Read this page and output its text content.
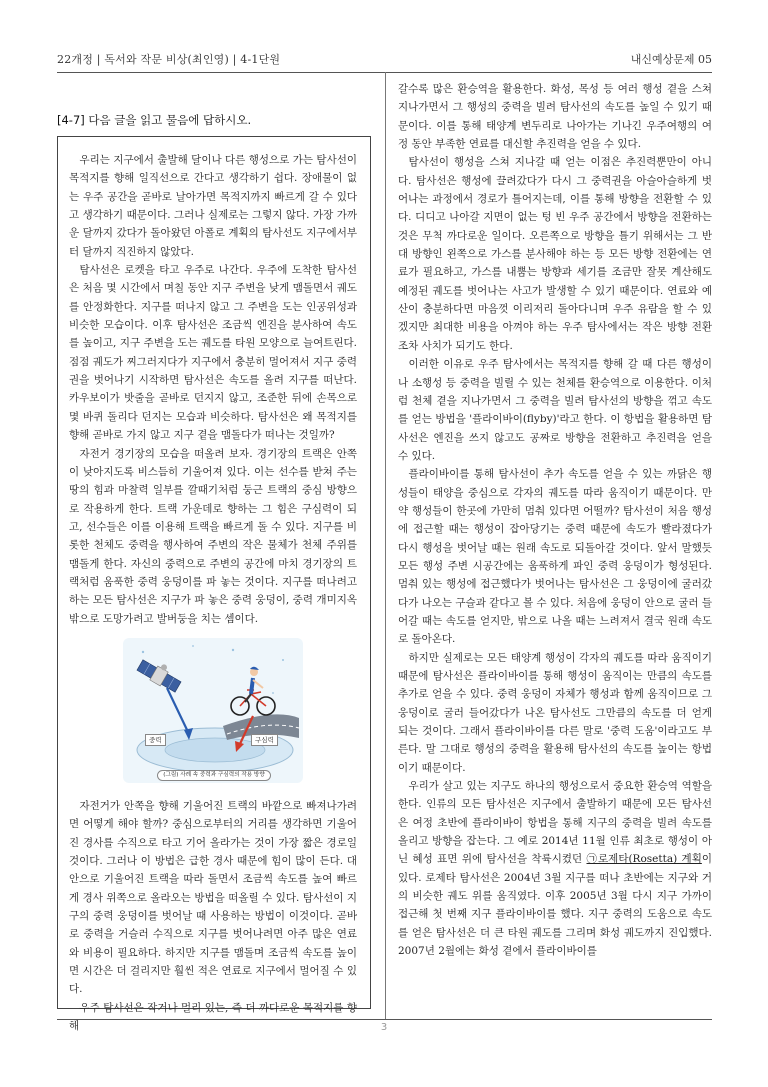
22개정 | 독서와 작문 비상(최인영) | 4-1단원	내신예상문제 05
[4-7] 다음 글을 읽고 물음에 답하시오.

우리는 지구에서 출발해 달이나 다른 행성으로 가는 탐사선이 목적지를 향해 일직선으로 간다고 생각하기 쉽다. 장애물이 없는 우주 공간을 곧바로 날아가면 목적지까지 빠르게 갈 수 있다고 생각하기 때문이다. 그러나 실제로는 그렇지 않다. 가장 가까운 달까지 갔다가 돌아왔던 아폴로 계획의 탐사선도 지구에서부터 달까지 직진하지 않았다.

탐사선은 로켓을 타고 우주로 나간다. 우주에 도착한 탐사선은 처음 몇 시간에서 며칠 동안 지구 주변을 낮게 맴돌면서 궤도를 안정화한다. 지구를 떠나지 않고 그 주변을 도는 인공위성과 비슷한 모습이다. 이후 탐사선은 조금씩 엔진을 분사하여 속도를 높이고, 지구 주변을 도는 궤도를 타원 모양으로 늘여트린다. 점점 궤도가 찌그러지다가 지구에서 충분히 멀어져서 지구 중력권을 벗어나기 시작하면 탐사선은 속도를 올려 지구를 떠난다. 카우보이가 밧줄을 곧바로 던지지 않고, 조준한 뒤에 손목으로 몇 바퀴 돌리다 던지는 모습과 비슷하다. 탐사선은 왜 목적지를 향해 곧바로 가지 않고 지구 곁을 맴돌다가 떠나는 것일까?

자전거 경기장의 모습을 떠올려 보자. 경기장의 트랙은 안쪽이 낮아지도록 비스듬히 기울어져 있다. 이는 선수를 받쳐 주는 땅의 힘과 마찰력 일부를 깔때기처럼 둥근 트랙의 중심 방향으로 작용하게 한다. 트랙 가운데로 향하는 그 힘은 구심력이 되고, 선수들은 이를 이용해 트랙을 빠르게 돌 수 있다. 지구를 비롯한 천체도 중력을 행사하여 주변의 작은 물체가 천체 주위를 맴돌게 한다. 자신의 중력으로 주변의 공간에 마치 경기장의 트랙처럼 움푹한 중력 웅덩이를 파 놓는 것이다. 지구를 떠나려고 하는 모든 탐사선은 지구가 파 놓은 중력 웅덩이, 중력 개미지옥 밖으로 도망가려고 발버둥을 치는 셈이다.

중력	구심력
(그림) 사례 속 중력과 구심력의 작용 방향

자전거가 안쪽을 향해 기울어진 트랙의 바깥으로 빠져나가려면 어떻게 해야 할까? 중심으로부터의 거리를 생각하면 기울어진 경사를 수직으로 타고 기어 올라가는 것이 가장 짧은 경로일 것이다. 그러나 이 방법은 급한 경사 때문에 힘이 많이 든다. 대안으로 기울어진 트랙을 따라 돌면서 조금씩 속도를 높여 빠르게 경사 위쪽으로 올라오는 방법을 떠올릴 수 있다. 탐사선이 지구의 중력 웅덩이를 벗어날 때 사용하는 방법이 이것이다. 곧바로 중력을 거슬러 수직으로 지구를 벗어나려면 아주 많은 연료와 비용이 필요하다. 하지만 지구를 맴돌며 조금씩 속도를 높이면 시간은 더 걸리지만 훨씬 적은 연료로 지구에서 멀어질 수 있다.

우주 탐사선은 작거나 멀리 있는, 즉 더 까다로운 목적지를 향해

갈수록 많은 환승역을 활용한다. 화성, 목성 등 여러 행성 곁을 스쳐 지나가면서 그 행성의 중력을 빌려 탐사선의 속도를 높일 수 있기 때문이다. 이를 통해 태양계 변두리로 나아가는 기나긴 우주여행의 여정 동안 부족한 연료를 대신할 추진력을 얻을 수 있다.

탐사선이 행성을 스쳐 지나갈 때 얻는 이점은 추진력뿐만이 아니다. 탐사선은 행성에 끌려갔다가 다시 그 중력권을 아슬아슬하게 벗어나는 과정에서 경로가 틀어지는데, 이를 통해 방향을 전환할 수 있다. 디디고 나아갈 지면이 없는 텅 빈 우주 공간에서 방향을 전환하는 것은 무척 까다로운 일이다. 오른쪽으로 방향을 틀기 위해서는 그 반대 방향인 왼쪽으로 가스를 분사해야 하는 등 모든 방향 전환에는 연료가 필요하고, 가스를 내뿜는 방향과 세기를 조금만 잘못 계산해도 예정된 궤도를 벗어나는 사고가 발생할 수 있기 때문이다. 연료와 예산이 충분하다면 마음껏 이리저리 돌아다니며 우주 유람을 할 수 있겠지만 최대한 비용을 아껴야 하는 우주 탐사에서는 작은 방향 전환조차 사치가 되기도 한다.

이러한 이유로 우주 탐사에서는 목적지를 향해 갈 때 다른 행성이나 소행성 등 중력을 빌릴 수 있는 천체를 환승역으로 이용한다. 이처럼 천체 곁을 지나가면서 그 중력을 빌려 탐사선의 방향을 꺾고 속도를 얻는 방법을 '플라이바이(flyby)'라고 한다. 이 항법을 활용하면 탐사선은 엔진을 쓰지 않고도 공짜로 방향을 전환하고 추진력을 얻을 수 있다.

플라이바이를 통해 탐사선이 추가 속도를 얻을 수 있는 까닭은 행성들이 태양을 중심으로 각자의 궤도를 따라 움직이기 때문이다. 만약 행성들이 한곳에 가만히 멈춰 있다면 어떨까? 탐사선이 처음 행성에 접근할 때는 행성이 잡아당기는 중력 때문에 속도가 빨라졌다가 다시 행성을 벗어날 때는 원래 속도로 되돌아갈 것이다. 앞서 말했듯 모든 행성 주변 시공간에는 움푹하게 파인 중력 웅덩이가 형성된다. 멈춰 있는 행성에 접근했다가 벗어나는 탐사선은 그 웅덩이에 굴러갔다가 나오는 구슬과 같다고 볼 수 있다. 처음에 웅덩이 안으로 굴러 들어갈 때는 속도를 얻지만, 밖으로 나올 때는 느려져서 결국 원래 속도로 돌아온다.

하지만 실제로는 모든 태양계 행성이 각자의 궤도를 따라 움직이기 때문에 탐사선은 플라이바이를 통해 행성이 움직이는 만큼의 속도를 추가로 얻을 수 있다. 중력 웅덩이 자체가 행성과 함께 움직이므로 그 웅덩이로 굴러 들어갔다가 나온 탐사선도 그만큼의 속도를 더 얻게 되는 것이다. 그래서 플라이바이를 다른 말로 '중력 도움'이라고도 부른다. 말 그대로 행성의 중력을 활용해 탐사선의 속도를 높이는 항법이기 때문이다.

우리가 살고 있는 지구도 하나의 행성으로서 중요한 환승역 역할을 한다. 인류의 모든 탐사선은 지구에서 출발하기 때문에 모든 탐사선은 여정 초반에 플라이바이 항법을 통해 지구의 중력을 빌려 속도를 올리고 방향을 잡는다. 그 예로 2014년 11월 인류 최초로 행성이 아닌 혜성 표면 위에 탐사선을 착륙시켰던 ㉠로제타(Rosetta) 계획이 있다. 로제타 탐사선은 2004년 3월 지구를 떠나 초반에는 지구와 거의 비슷한 궤도 위를 움직였다. 이후 2005년 3월 다시 지구 가까이 접근해 첫 번째 지구 플라이바이를 했다. 지구 중력의 도움으로 속도를 얻은 탐사선은 더 큰 타원 궤도를 그리며 화성 궤도까지 진입했다. 2007년 2월에는 화성 곁에서 플라이바이를

3
